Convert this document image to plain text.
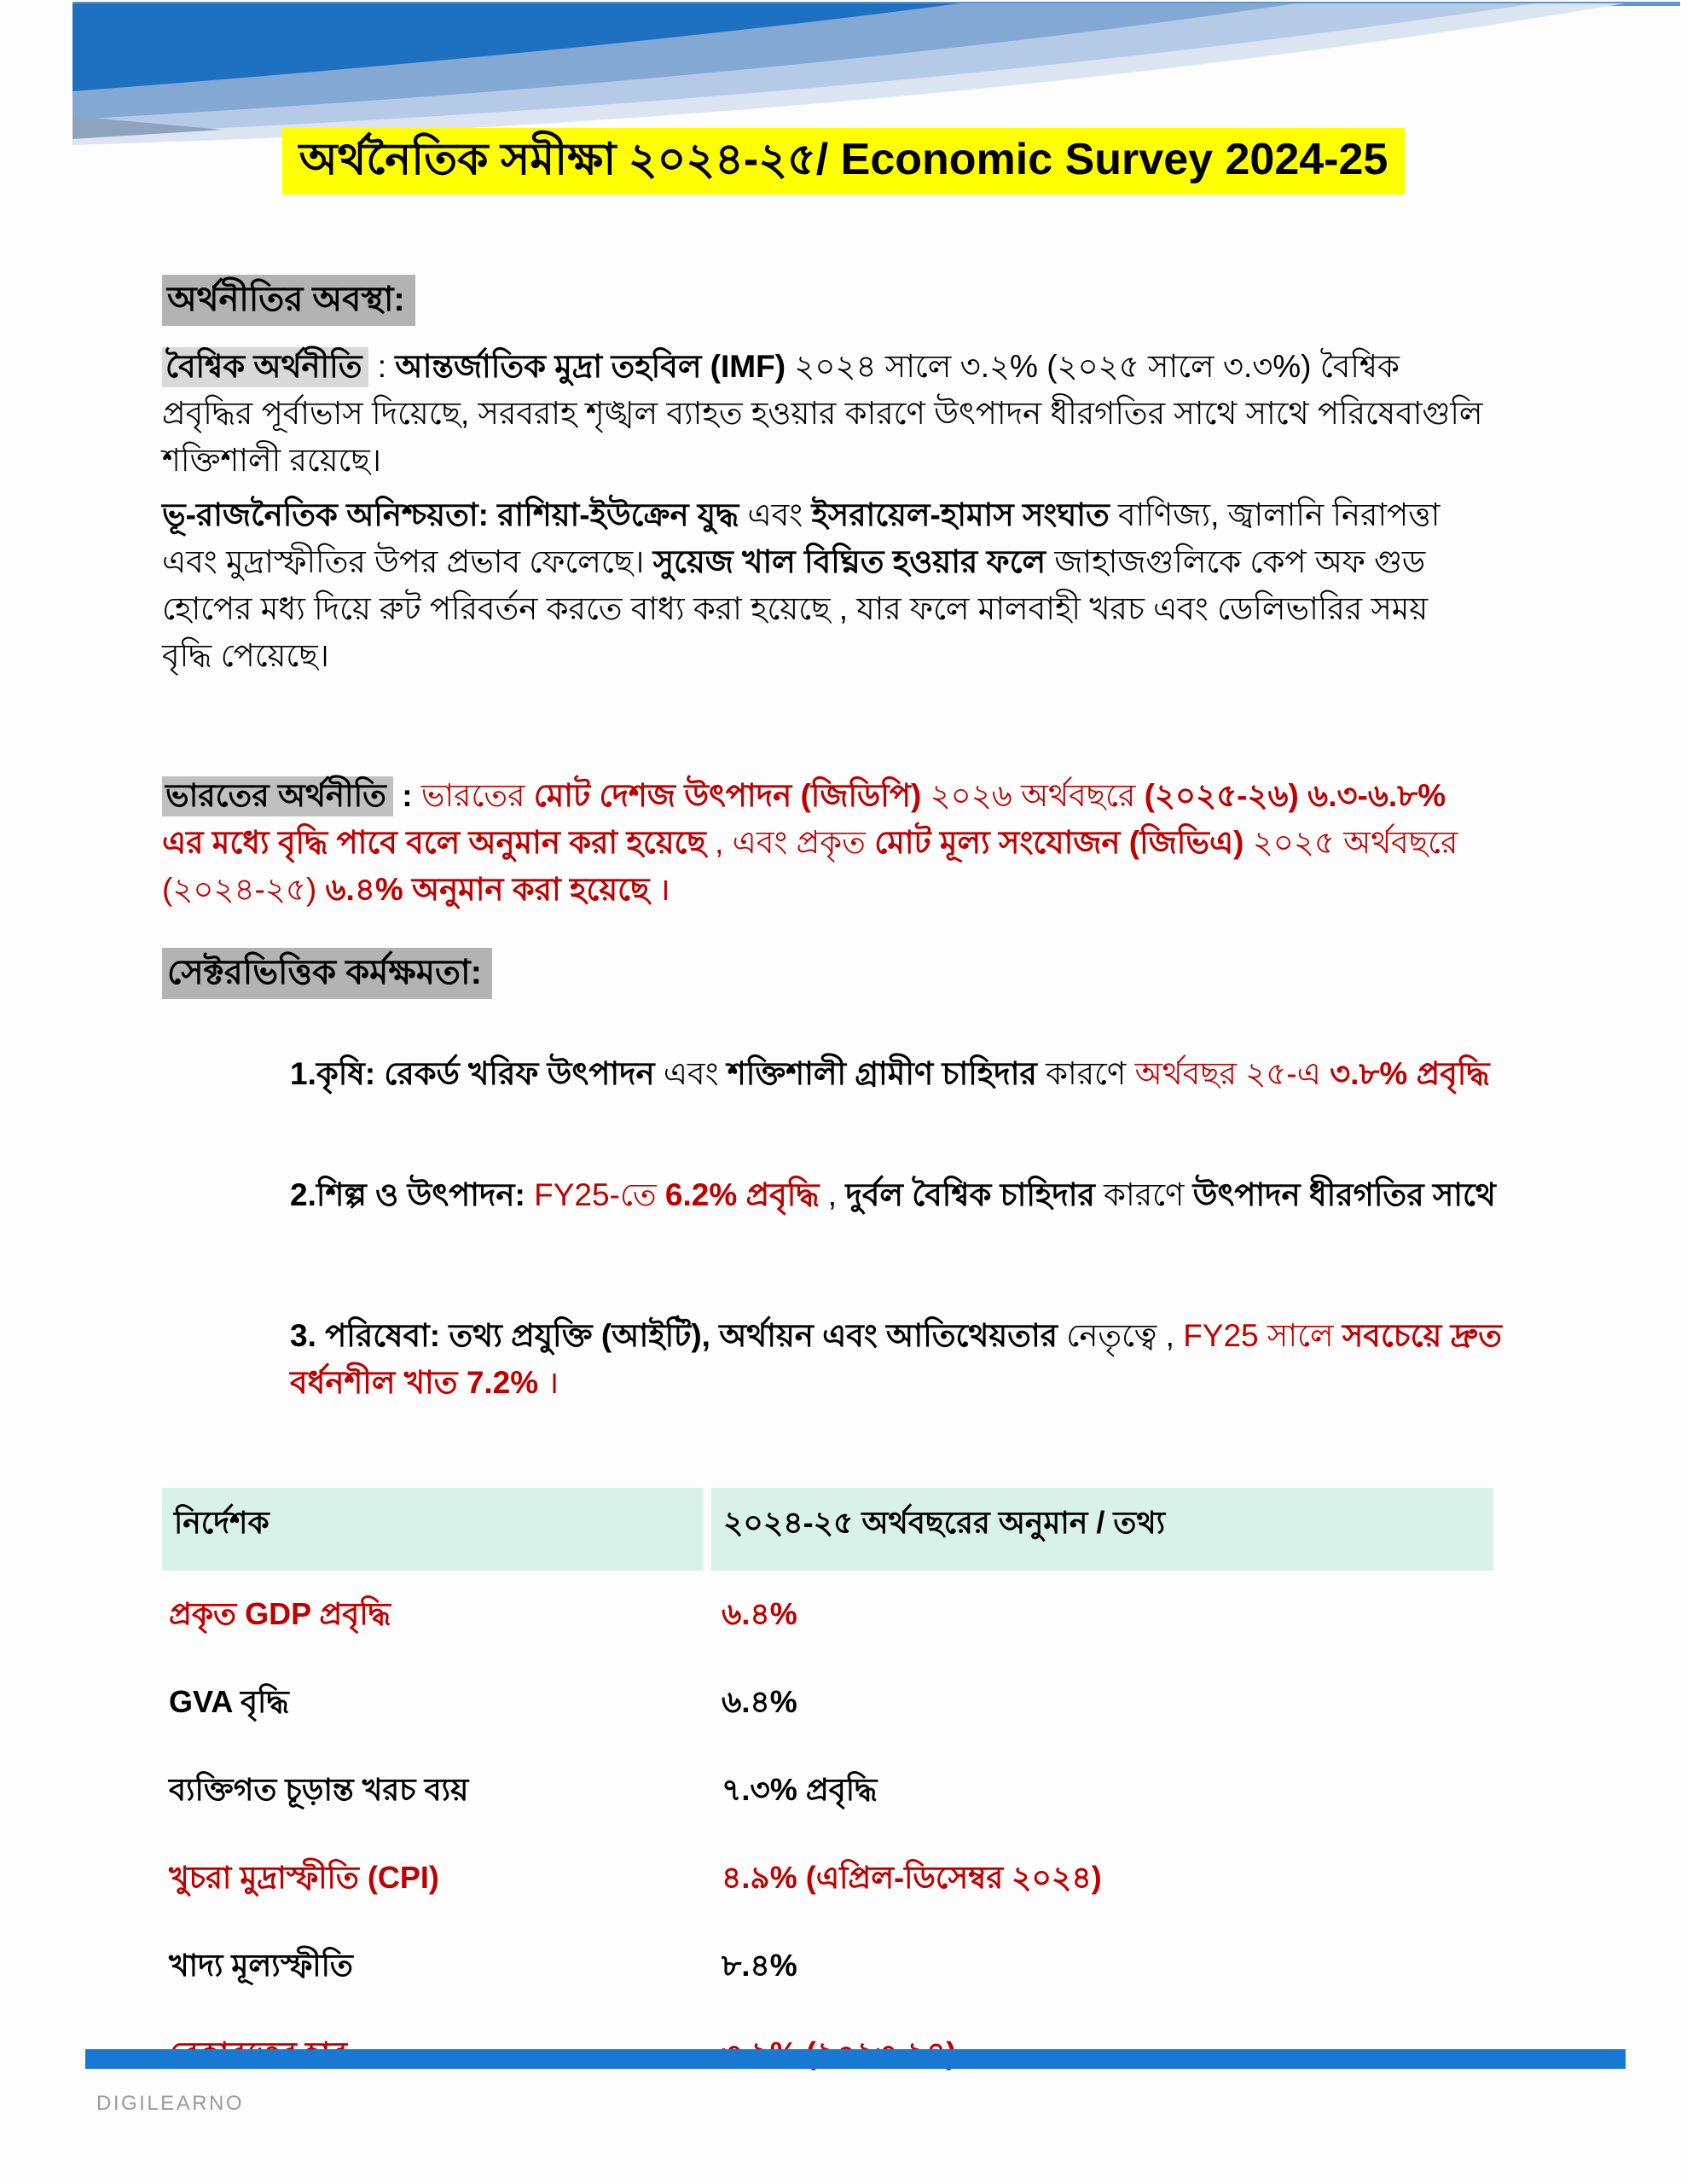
অর্থনৈতিক সমীক্ষা ২০২৪-২৫/ Economic Survey 2024-25
অর্থনীতির অবস্থা:

বৈশ্বিক অর্থনীতি : আন্তর্জাতিক মুদ্রা তহবিল (IMF) ২০২৪ সালে ৩.২% (২০২৫ সালে ৩.৩%) বৈশ্বিক প্রবৃদ্ধির পূর্বাভাস দিয়েছে, সরবরাহ শৃঙ্খল ব্যাহত হওয়ার কারণে উৎপাদন ধীরগতির সাথে সাথে পরিষেবাগুলি শক্তিশালী রয়েছে।

ভূ-রাজনৈতিক অনিশ্চয়তা: রাশিয়া-ইউক্রেন যুদ্ধ এবং ইসরায়েল-হামাস সংঘাত বাণিজ্য, জ্বালানি নিরাপত্তা এবং মুদ্রাস্ফীতির উপর প্রভাব ফেলেছে। সুয়েজ খাল বিঘ্নিত হওয়ার ফলে জাহাজগুলিকে কেপ অফ গুড হোপের মধ্য দিয়ে রুট পরিবর্তন করতে বাধ্য করা হয়েছে , যার ফলে মালবাহী খরচ এবং ডেলিভারির সময় বৃদ্ধি পেয়েছে।

ভারতের অর্থনীতি : ভারতের মোট দেশজ উৎপাদন (জিডিপি) ২০২৬ অর্থবছরে (২০২৫-২৬) ৬.৩-৬.৮% এর মধ্যে বৃদ্ধি পাবে বলে অনুমান করা হয়েছে , এবং প্রকৃত মোট মূল্য সংযোজন (জিভিএ) ২০২৫ অর্থবছরে (২০২৪-২৫) ৬.৪% অনুমান করা হয়েছে ।

সেক্টরভিত্তিক কর্মক্ষমতা:
1.কৃষি: রেকর্ড খরিফ উৎপাদন এবং শক্তিশালী গ্রামীণ চাহিদার কারণে অর্থবছর ২৫-এ ৩.৮% প্রবৃদ্ধি
2.শিল্প ও উৎপাদন: FY25-তে 6.2% প্রবৃদ্ধি , দুর্বল বৈশ্বিক চাহিদার কারণে উৎপাদন ধীরগতির সাথে
3. পরিষেবা: তথ্য প্রযুক্তি (আইটি), অর্থায়ন এবং আতিথেয়তার নেতৃত্বে , FY25 সালে সবচেয়ে দ্রুত বর্ধনশীল খাত 7.2% ।
নির্দেশক	২০২৪-২৫ অর্থবছরের অনুমান / তথ্য
প্রকৃত GDP প্রবৃদ্ধি	৬.৪%
GVA বৃদ্ধি	৬.৪%
ব্যক্তিগত চূড়ান্ত খরচ ব্যয়	৭.৩% প্রবৃদ্ধি
খুচরা মুদ্রাস্ফীতি (CPI)	৪.৯% (এপ্রিল-ডিসেম্বর ২০২৪)
খাদ্য মূল্যস্ফীতি	৮.৪%
DIGILEARNO
